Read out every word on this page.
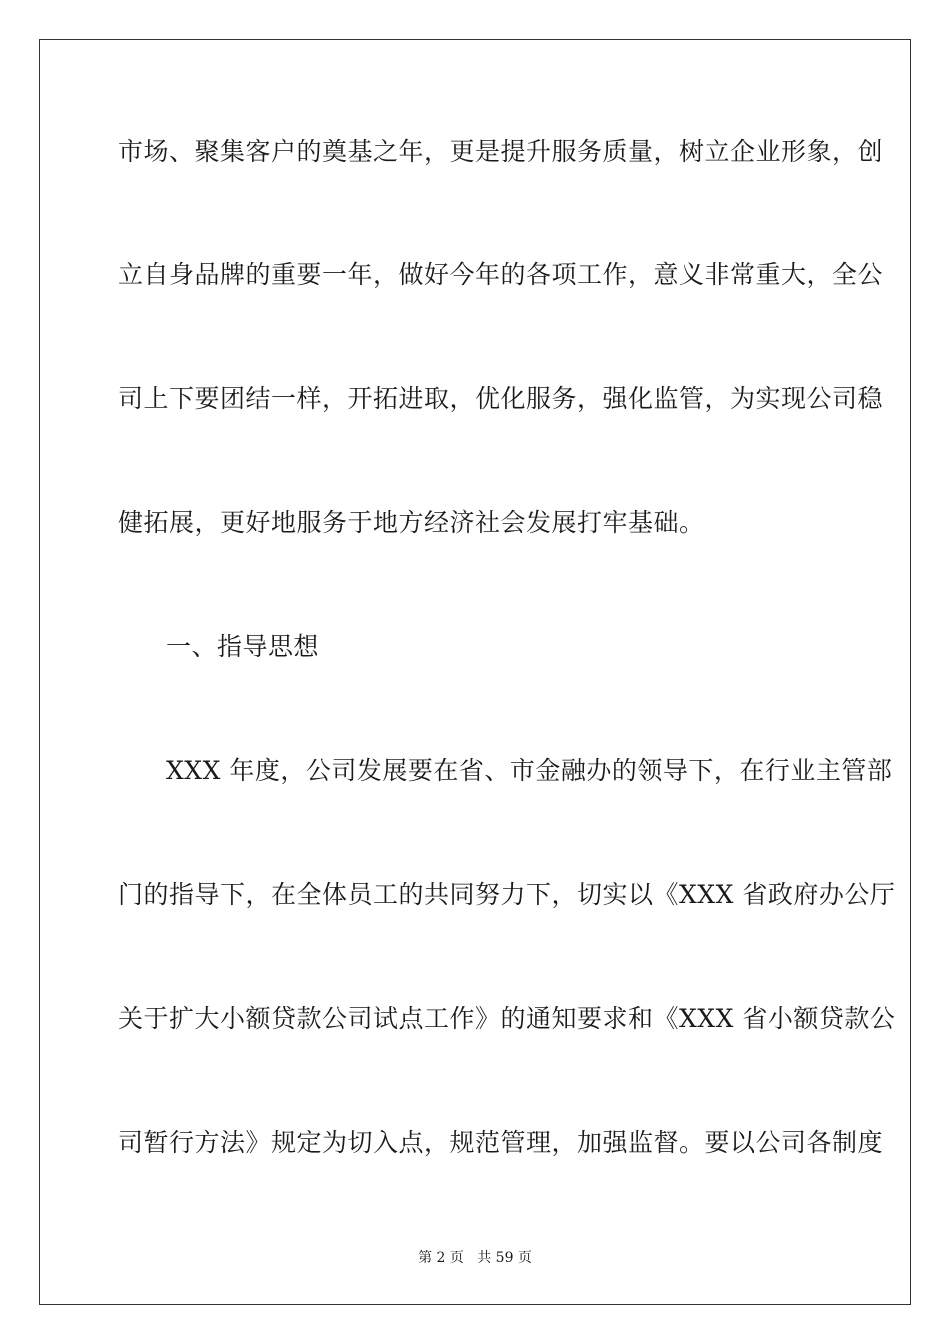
市场、聚集客户的奠基之年，更是提升服务质量，树立企业形象，创
立自身品牌的重要一年，做好今年的各项工作，意义非常重大，全公
司上下要团结一样，开拓进取，优化服务，强化监管，为实现公司稳
健拓展，更好地服务于地方经济社会发展打牢基础。
一、指导思想
XXX 年度，公司发展要在省、市金融办的领导下，在行业主管部
门的指导下，在全体员工的共同努力下，切实以《XXX 省政府办公厅
关于扩大小额贷款公司试点工作》的通知要求和《XXX 省小额贷款公
司暂行方法》规定为切入点，规范管理，加强监督。要以公司各制度
第 2 页   共 59 页
